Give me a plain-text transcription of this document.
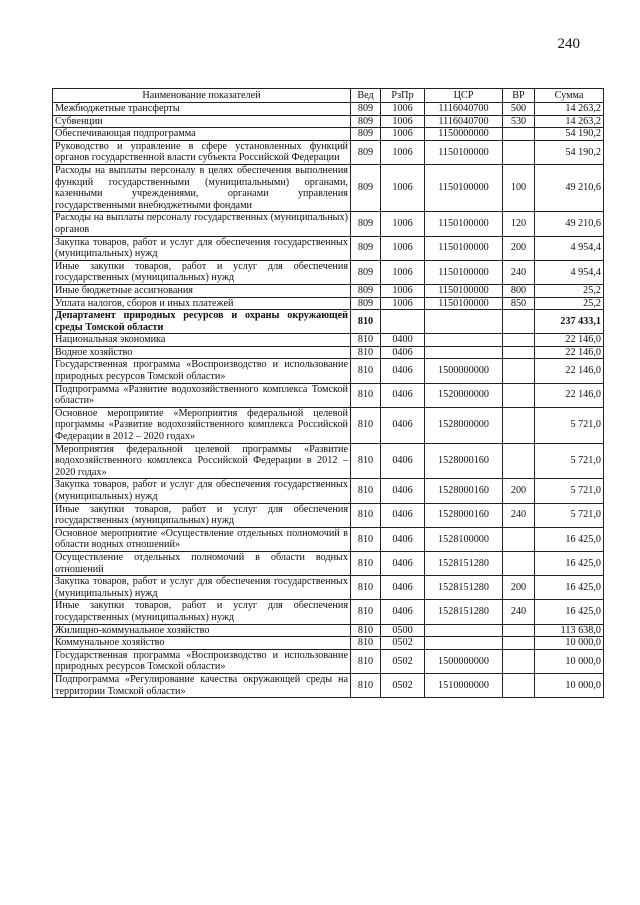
240
Наименование показателей	Вед	РзПр	ЦСР	ВР	Сумма
Межбюджетные трансферты	809	1006	1116040700	500	14 263,2
Субвенции	809	1006	1116040700	530	14 263,2
Обеспечивающая подпрограмма	809	1006	1150000000		54 190,2
Руководство и управление в сфере установленных функций органов государственной власти субъекта Российской Федерации	809	1006	1150100000		54 190,2
Расходы на выплаты персоналу в целях обеспечения выполнения функций государственными (муниципальными) органами, казенными учреждениями, органами управления государственными внебюджетными фондами	809	1006	1150100000	100	49 210,6
Расходы на выплаты персоналу государственных (муниципальных) органов	809	1006	1150100000	120	49 210,6
Закупка товаров, работ и услуг для обеспечения государственных (муниципальных) нужд	809	1006	1150100000	200	4 954,4
Иные закупки товаров, работ и услуг для обеспечения государственных (муниципальных) нужд	809	1006	1150100000	240	4 954,4
Иные бюджетные ассигнования	809	1006	1150100000	800	25,2
Уплата налогов, сборов и иных платежей	809	1006	1150100000	850	25,2
Департамент природных ресурсов и охраны окружающей среды Томской области	810				237 433,1
Национальная экономика	810	0400			22 146,0
Водное хозяйство	810	0406			22 146,0
Государственная программа «Воспроизводство и использование природных ресурсов Томской области»	810	0406	1500000000		22 146,0
Подпрограмма «Развитие водохозяйственного комплекса Томской области»	810	0406	1520000000		22 146,0
Основное мероприятие «Мероприятия федеральной целевой программы «Развитие водохозяйственного комплекса Российской Федерации в 2012 – 2020 годах»	810	0406	1528000000		5 721,0
Мероприятия федеральной целевой программы «Развитие водохозяйственного комплекса Российской Федерации в 2012 – 2020 годах»	810	0406	1528000160		5 721,0
Закупка товаров, работ и услуг для обеспечения государственных (муниципальных) нужд	810	0406	1528000160	200	5 721,0
Иные закупки товаров, работ и услуг для обеспечения государственных (муниципальных) нужд	810	0406	1528000160	240	5 721,0
Основное мероприятие «Осуществление отдельных полномочий в области водных отношений»	810	0406	1528100000		16 425,0
Осуществление отдельных полномочий в области водных отношений	810	0406	1528151280		16 425,0
Закупка товаров, работ и услуг для обеспечения государственных (муниципальных) нужд	810	0406	1528151280	200	16 425,0
Иные закупки товаров, работ и услуг для обеспечения государственных (муниципальных) нужд	810	0406	1528151280	240	16 425,0
Жилищно-коммунальное хозяйство	810	0500			113 638,0
Коммунальное хозяйство	810	0502			10 000,0
Государственная программа «Воспроизводство и использование природных ресурсов Томской области»	810	0502	1500000000		10 000,0
Подпрограмма «Регулирование качества окружающей среды на территории Томской области»	810	0502	1510000000		10 000,0
